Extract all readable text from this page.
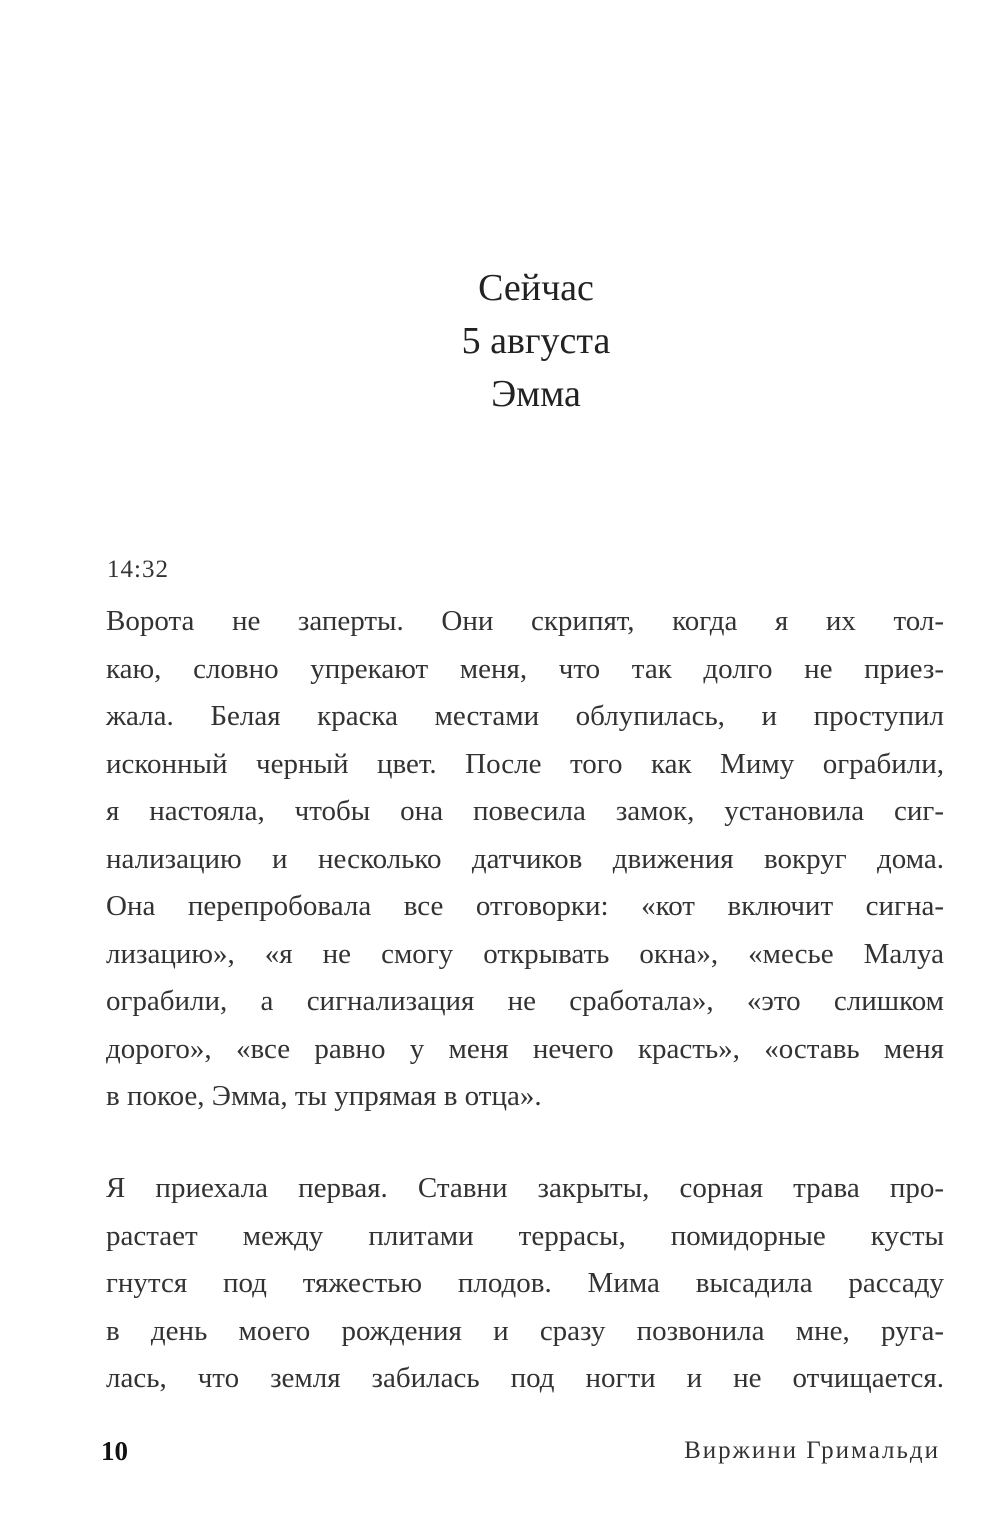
Сейчас
5 августа
Эмма
14:32
Ворота не заперты. Они скрипят, когда я их тол-
каю, словно упрекают меня, что так долго не приез-
жала. Белая краска местами облупилась, и проступил
исконный черный цвет. После того как Миму ограбили,
я настояла, чтобы она повесила замок, установила сиг-
нализацию и несколько датчиков движения вокруг дома.
Она перепробовала все отговорки: «кот включит сигна-
лизацию», «я не смогу открывать окна», «месье Малуа
ограбили, а сигнализация не сработала», «это слишком
дорого», «все равно у меня нечего красть», «оставь меня
в покое, Эмма, ты упрямая в отца».
Я приехала первая. Ставни закрыты, сорная трава про-
растает между плитами террасы, помидорные кусты
гнутся под тяжестью плодов. Мима высадила рассаду
в день моего рождения и сразу позвонила мне, руга-
лась, что земля забилась под ногти и не отчищается.
10	Виржини Гримальди
